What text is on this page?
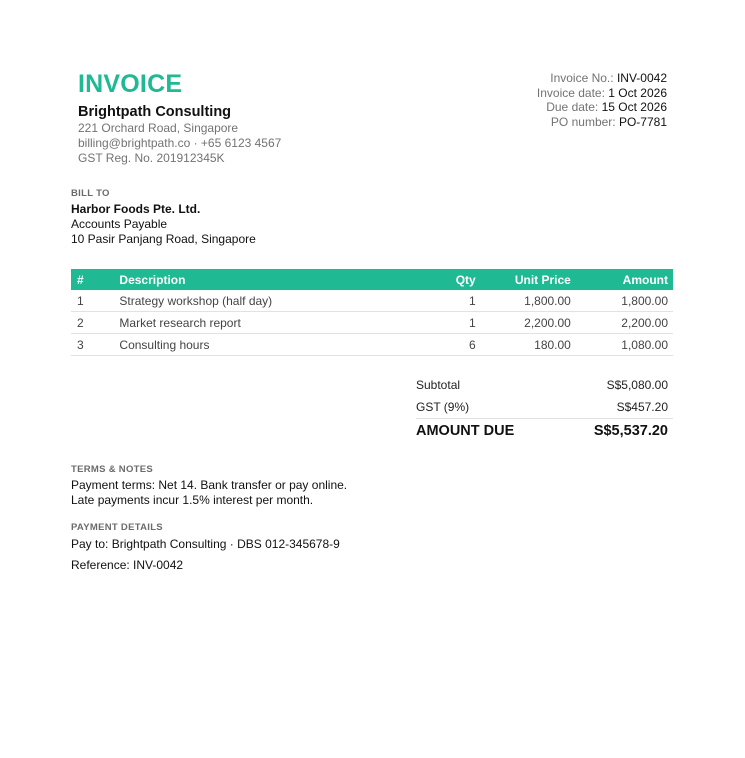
INVOICE
Brightpath Consulting
221 Orchard Road, Singapore
billing@brightpath.co · +65 6123 4567
GST Reg. No. 201912345K
Invoice No.: INV-0042
Invoice date: 1 Oct 2026
Due date: 15 Oct 2026
PO number: PO-7781
BILL TO
Harbor Foods Pte. Ltd.
Accounts Payable
10 Pasir Panjang Road, Singapore
#	Description	Qty	Unit Price	Amount
1	Strategy workshop (half day)	1	1,800.00	1,800.00
2	Market research report	1	2,200.00	2,200.00
3	Consulting hours	6	180.00	1,080.00
Subtotal	S$5,080.00
GST (9%)	S$457.20
AMOUNT DUE	S$5,537.20
TERMS & NOTES
Payment terms: Net 14. Bank transfer or pay online.
Late payments incur 1.5% interest per month.
PAYMENT DETAILS
Pay to: Brightpath Consulting · DBS 012-345678-9
Reference: INV-0042
